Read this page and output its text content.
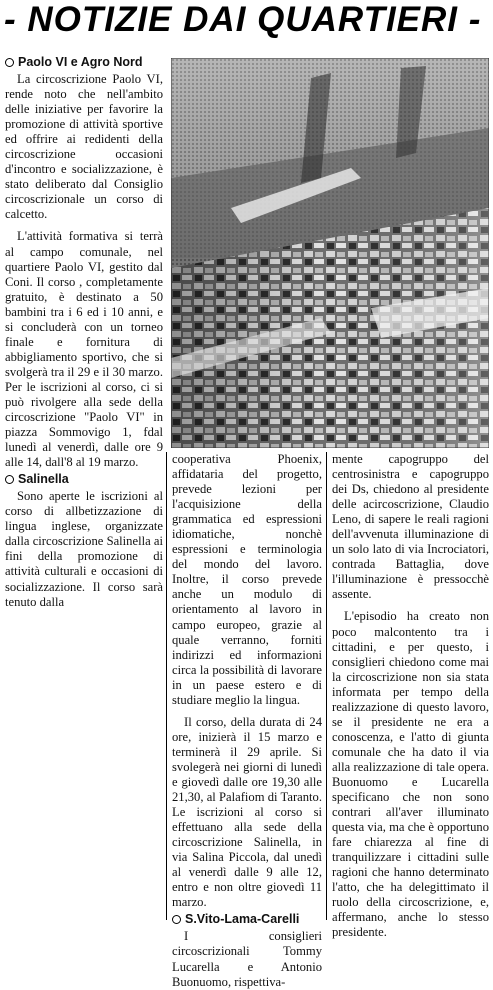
- NOTIZIE DAI QUARTIERI -
Paolo VI e Agro Nord

La circoscrizione Paolo VI, rende noto che nell'ambito delle iniziative per favorire la promozione di attività sportive ed offrire ai redidenti della circoscrizione occasioni d'incontro e socializzazione, è stato deliberato dal Consiglio circoscrizionale un corso di calcetto.

L'attività formativa si terrà al campo comunale, nel quartiere Paolo VI, gestito dal Coni. Il corso , completamente gratuito, è destinato a 50 bambini tra i 6 ed i 10 anni, e si concluderà con un torneo finale e fornitura di abbigliamento sportivo, che si svolgerà tra il 29 e il 30 marzo. Per le iscrizioni al corso, ci si può rivolgere alla sede della circoscrizione "Paolo VI" in piazza Sommovigo 1, fdal lunedì al venerdì, dalle ore 9 alle 14, dall'8 al 19 marzo.

Salinella

Sono aperte le iscrizioni al corso di allbetizzazione di lingua inglese, organizzate dalla circoscrizione Salinella ai fini della promozione di attività culturali e occasioni di socializzazione. Il corso sarà tenuto dalla

cooperativa Phoenix, affidataria del progetto, prevede lezioni per l'acquisizione della grammatica ed espressioni idiomatiche, nonchè espressioni e terminologia del mondo del lavoro. Inoltre, il corso prevede anche un modulo di orientamento al lavoro in campo europeo, grazie al quale verranno, forniti indirizzi ed informazioni circa la possibilità di lavorare in un paese estero e di studiare meglio la lingua.

Il corso, della durata di 24 ore, inizierà il 15 marzo e terminerà il 29 aprile. Si svolegerà nei giorni di lunedì e giovedì dalle ore 19,30 alle 21,30, al Palafiom di Taranto. Le iscrizioni al corso si effettuano alla sede della circoscrizione Salinella, in via Salina Piccola, dal unedì al venerdì dalle 9 alle 12, entro e non oltre giovedì 11 marzo.

S.Vito-Lama-Carelli

I consiglieri circoscrizionali Tommy Lucarella e Antonio Buonuomo, rispettiva-

mente capogruppo del centrosinistra e capogruppo dei Ds, chiedono al presidente delle acircoscrizione, Claudio Leno, di sapere le reali ragioni dell'avvenuta illuminazione di un solo lato di via Incrociatori, contrada Battaglia, dove l'illuminazione è pressocchè assente.

L'episodio ha creato non poco malcontento tra i cittadini, e per questo, i consiglieri chiedono come mai la circoscrizione non sia stata informata per tempo della realizzazione di questo lavoro, se il presidente ne era a conoscenza, e l'atto di giunta comunale che ha dato il via alla realizzazione di tale opera. Buonuomo e Lucarella specificano che non sono contrari all'aver illuminato questa via, ma che è opportuno fare chiarezza al fine di tranquilizzare i cittadini sulle ragioni che hanno determinato l'atto, che ha delegittimato il ruolo della circoscrizione, e, affermano, anche lo stesso presidente.
